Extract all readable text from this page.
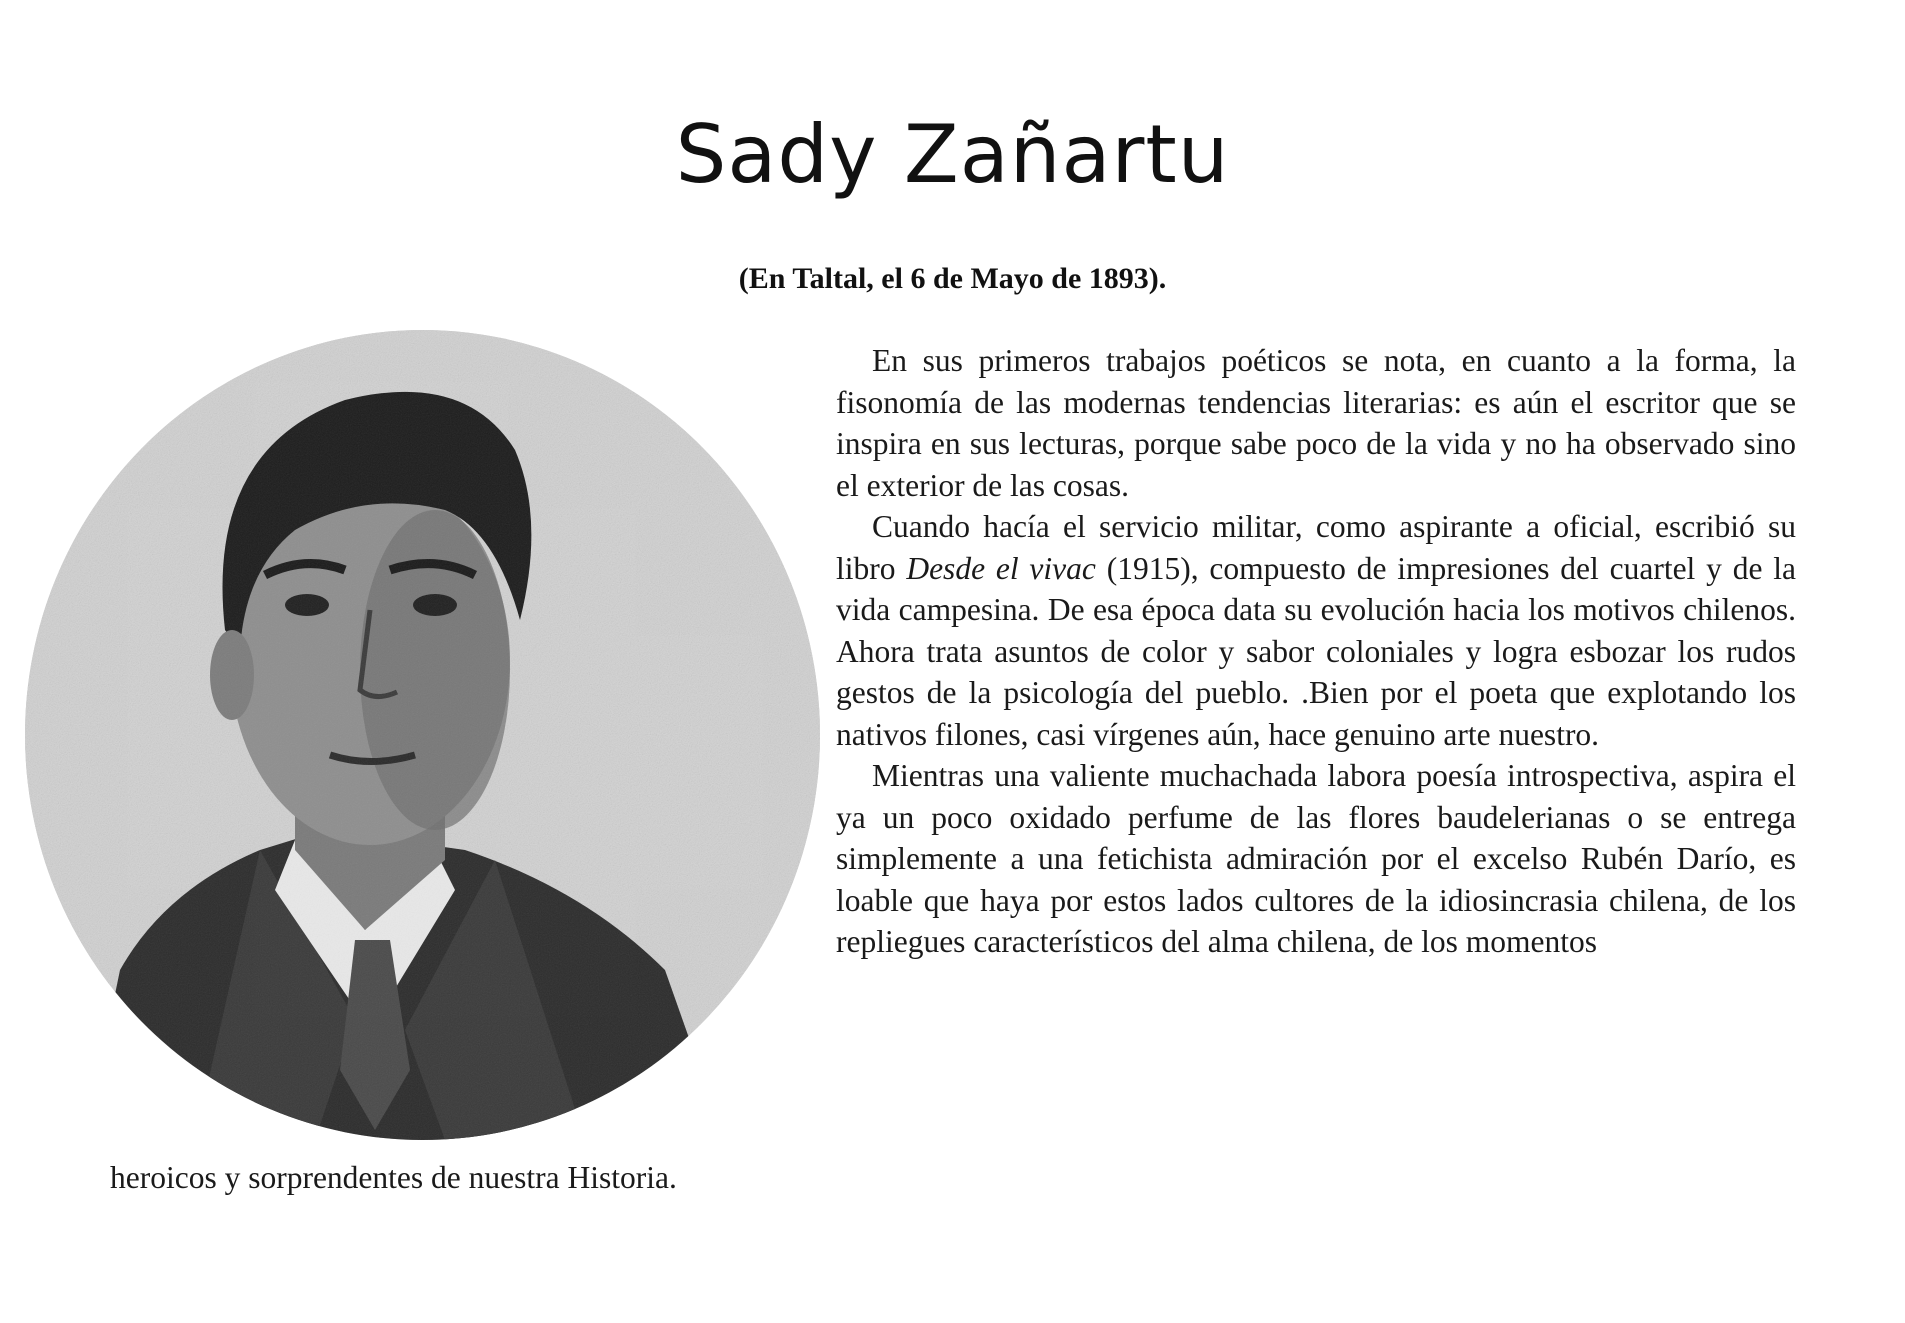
Sady Zañartu
(En Taltal, el 6 de Mayo de 1893).

En sus primeros trabajos poéticos se nota, en cuanto a la forma, la fisonomía de las modernas tendencias literarias: es aún el escritor que se inspira en sus lecturas, porque sabe poco de la vida y no ha observado sino el exterior de las cosas.

Cuando hacía el servicio militar, como aspirante a oficial, escribió su libro Desde el vivac (1915), compuesto de impresiones del cuartel y de la vida campesina. De esa época data su evolución hacia los motivos chilenos. Ahora trata asuntos de color y sabor coloniales y logra esbozar los rudos gestos de la psicología del pueblo. .Bien por el poeta que explotando los nativos filones, casi vírgenes aún, hace genuino arte nuestro.

Mientras una valiente muchachada labora poesía introspectiva, aspira el ya un poco oxidado perfume de las flores baudelerianas o se entrega simplemente a una fetichista admiración por el excelso Rubén Darío, es loable que haya por estos lados cultores de la idiosincrasia chilena, de los repliegues característicos del alma chilena, de los momentos

heroicos y sorprendentes de nuestra Historia.
